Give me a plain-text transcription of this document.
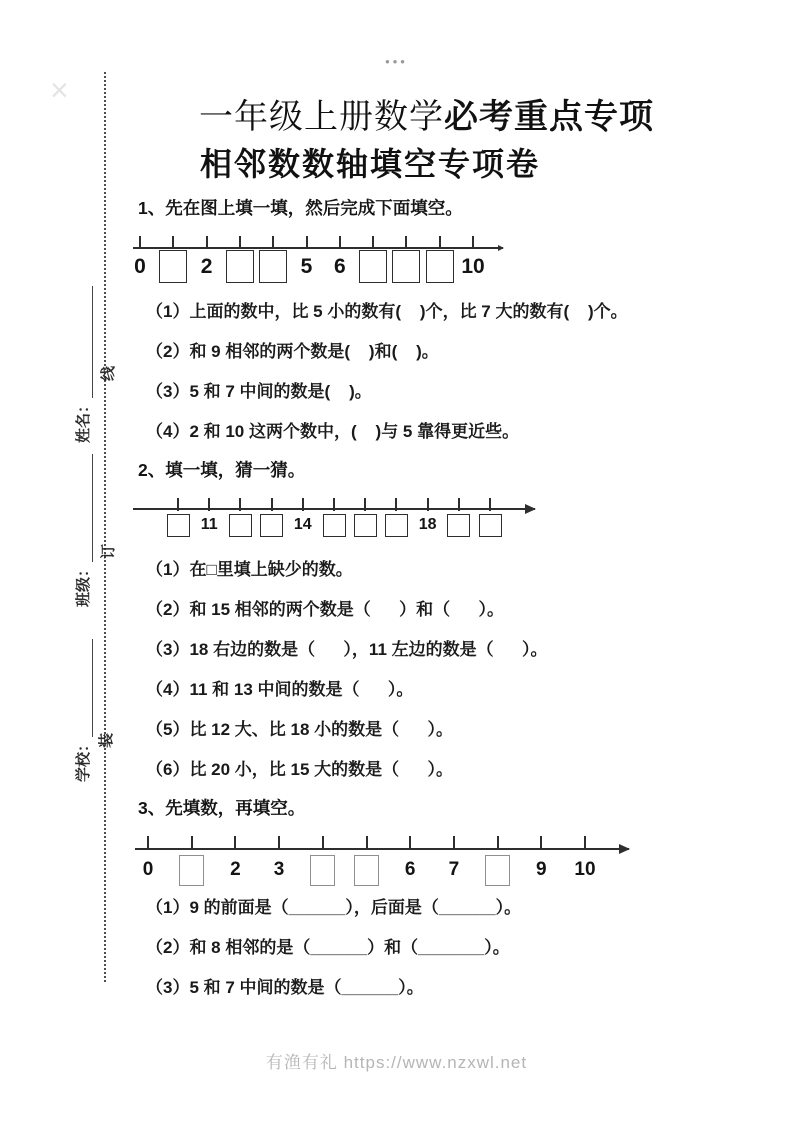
•••
×
线
订
装
姓名：
班级：
学校：
一年级上册数学必考重点专项
相邻数数轴填空专项卷
1、先在图上填一填，然后完成下面填空。
0	2	5	6	10
（1）上面的数中，比 5 小的数有(    )个，比 7 大的数有(    )个。
（2）和 9 相邻的两个数是(    )和(    )。
（3）5 和 7 中间的数是(    )。
（4）2 和 10 这两个数中，(    )与 5 靠得更近些。
2、填一填，猜一猜。
11	14	18
（1）在□里填上缺少的数。
（2）和 15 相邻的两个数是（      ）和（      ）。
（3）18 右边的数是（      ），11 左边的数是（      ）。
（4）11 和 13 中间的数是（      ）。
（5）比 12 大、比 18 小的数是（      ）。
（6）比 20 小，比 15 大的数是（      ）。
3、先填数，再填空。
0	2	3	6	7	9	10
（1）9 的前面是（______），后面是（______）。
（2）和 8 相邻的是（______）和（_______）。
（3）5 和 7 中间的数是（______）。
有渔有礼 https://www.nzxwl.net
